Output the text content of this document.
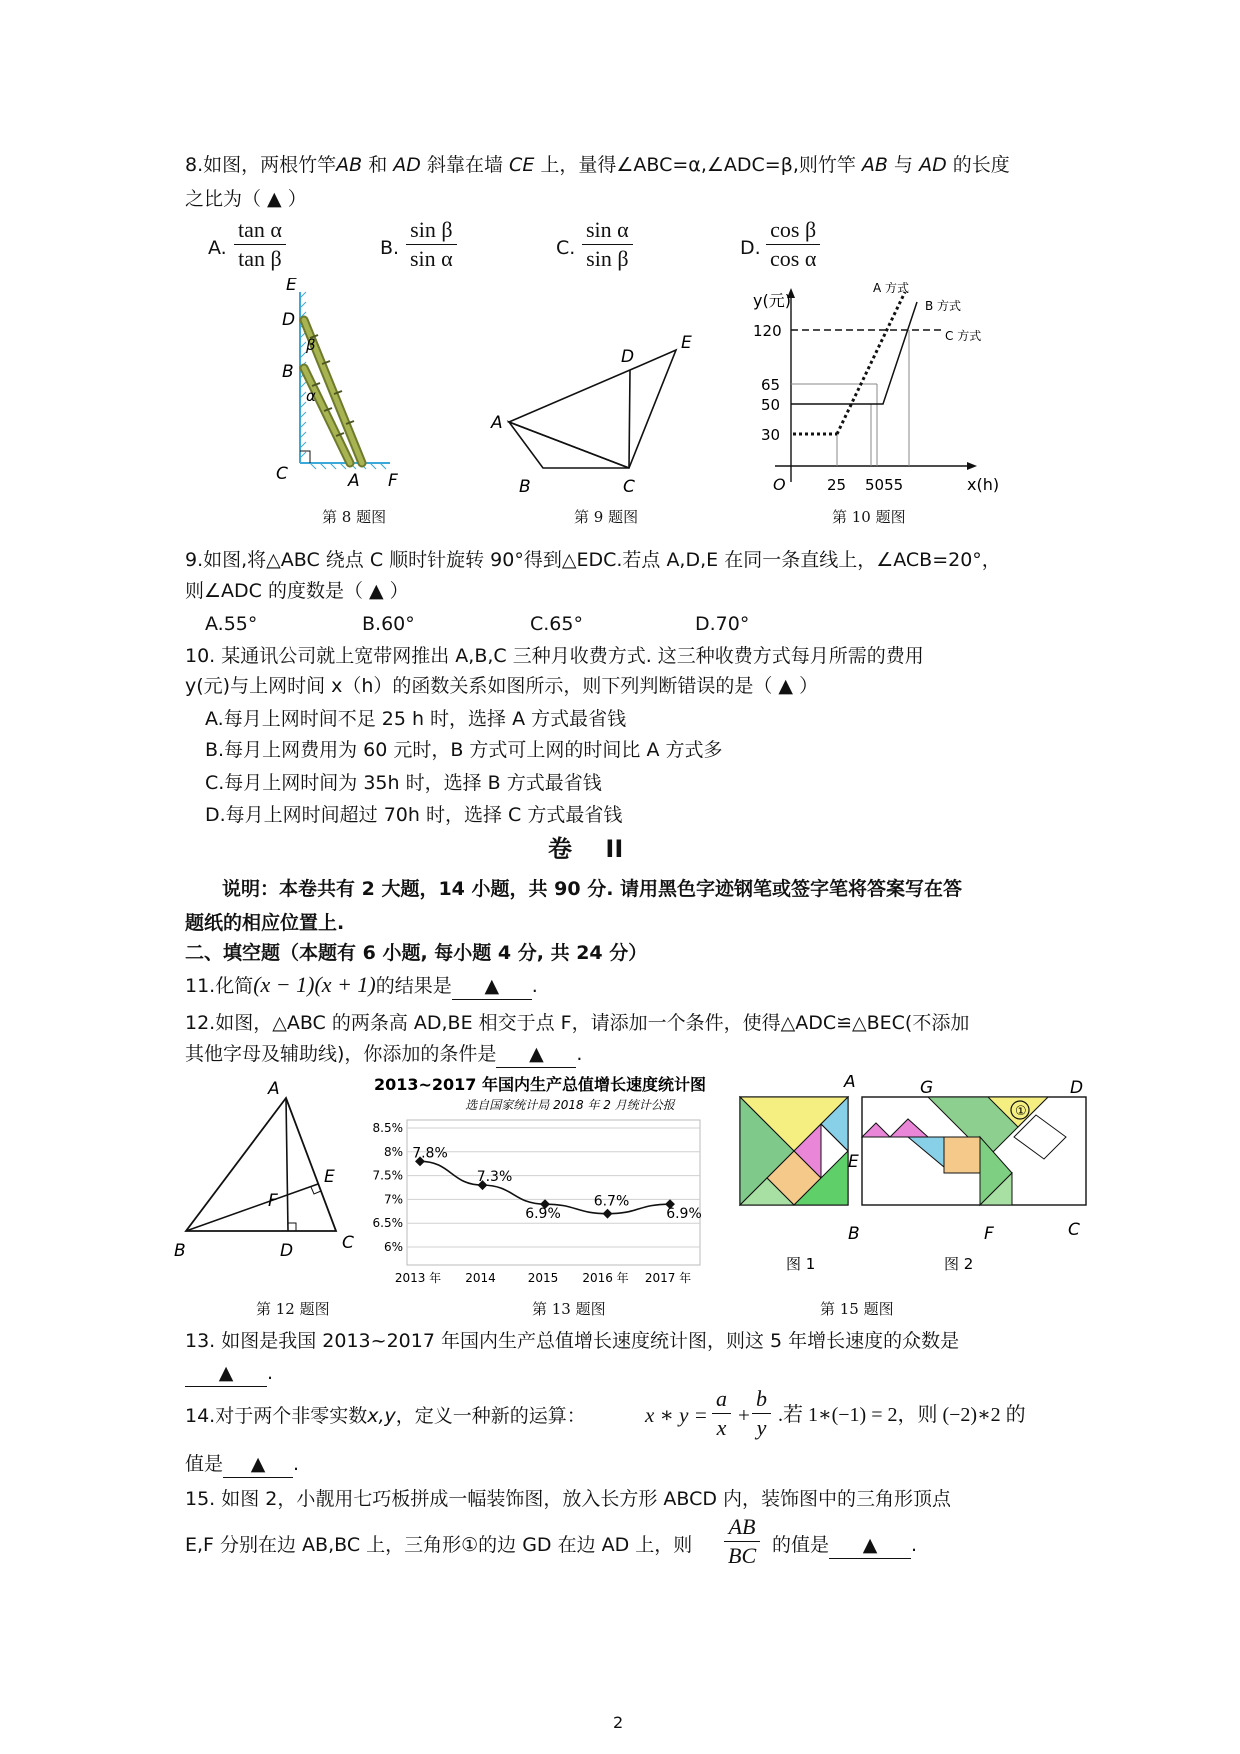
8.如图，两根竹竿AB 和 AD 斜靠在墙 CE 上，量得∠ABC=α,∠ADC=β,则竹竿 AB 与 AD 的长度
之比为（ ▲ ）
A. $\frac{\text{tan α}}{\text{tan β}}$	B. $\frac{\text{sin β}}{\text{sin α}}$	C. $\frac{\text{sin α}}{\text{sin β}}$	D. $\frac{\text{cos β}}{\text{cos α}}$
E
D
β
B
α
C	A F
第 8 题图
D
E
A
B	C
第 9 题图
y(元)
x(h)
O
A 方式
B 方式
C 方式
120
65
50
30
25 5055
第 10 题图
9.如图,将△ABC 绕点 C 顺时针旋转 90°得到△EDC.若点 A,D,E 在同一条直线上，∠ACB=20°，
则∠ADC 的度数是（ ▲ ）
A.55°	B.60°	C.65°	D.70°
10. 某通讯公司就上宽带网推出 A,B,C 三种月收费方式. 这三种收费方式每月所需的费用
y(元)与上网时间 x（h）的函数关系如图所示，则下列判断错误的是（ ▲ ）
A.每月上网时间不足 25 h 时，选择 A 方式最省钱
B.每月上网费用为 60 元时，B 方式可上网的时间比 A 方式多
C.每月上网时间为 35h 时，选择 B 方式最省钱
D.每月上网时间超过 70h 时，选择 C 方式最省钱
卷    II
说明：本卷共有 2 大题，14 小题，共 90 分. 请用黑色字迹钢笔或签字笔将答案写在答
题纸的相应位置上.
二、填空题（本题有 6 小题, 每小题 4 分, 共 24 分）
11.化简(x − 1)(x + 1)的结果是 ▲ .
12.如图，△ABC 的两条高 AD,BE 相交于点 F，请添加一个条件，使得△ADC≌△BEC(不添加
其他字母及辅助线)，你添加的条件是 ▲ .
A
B	C
D
E
F
第 12 题图
2013~2017 年国内生产总值增长速度统计图
选自国家统计局 2018 年 2 月统计公报
8.5%
8%
7.5%
7%
6.5%
6%
2013 年 2014	2015 2016 年 2017 年
7.8%
7.3%
6.9%
6.7%
6.9%
第 13 题图
①
A	G	D
E
B	F	C
图 1	图 2
第 15 题图
13. 如图是我国 2013~2017 年国内生产总值增长速度统计图，则这 5 年增长速度的众数是
▲ .
14.对于两个非零实数x,y，定义一种新的运算：	x ∗ $y = \frac{a}{x} + \frac{b}{y}$ .若 1∗(−1) = 2，则 (−2)∗2 的
值是 ▲ .
15. 如图 2，小靓用七巧板拼成一幅装饰图，放入长方形 ABCD 内，装饰图中的三角形顶点
E,F 分别在边 AB,BC 上，三角形①的边 GD 在边 AD 上，则 $\frac{AB}{BC}$ 的值是 ▲ .
2
